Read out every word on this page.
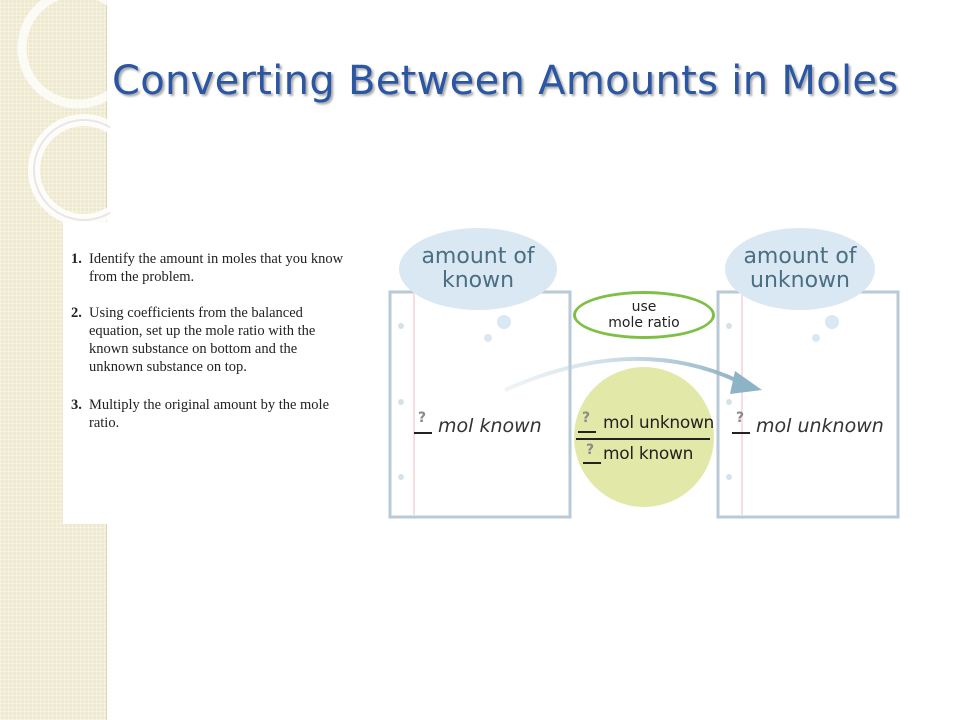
Converting Between Amounts in Moles
1. Identify the amount in moles that you know from the problem.
2. Using coefficients from the balanced equation, set up the mole ratio with the known substance on bottom and the unknown substance on top.
3. Multiply the original amount by the mole ratio.
amount of
known
amount of
unknown
use
mole ratio
? mol known	? mol unknown
? mol unknown
? mol known
